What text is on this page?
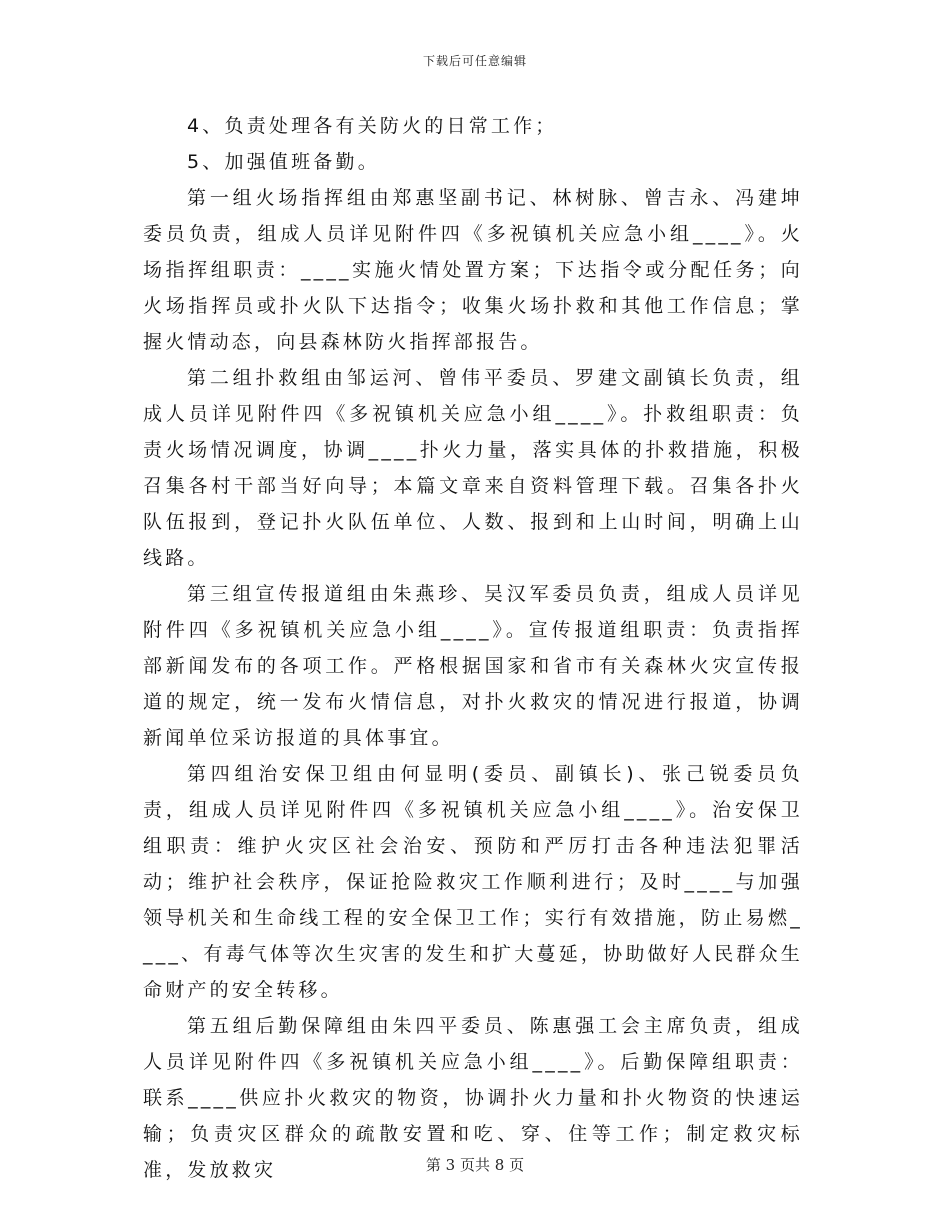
下载后可任意编辑

4、负责处理各有关防火的日常工作；

5、加强值班备勤。

第一组火场指挥组由郑惠坚副书记、林树脉、曾吉永、冯建坤委员负责，组成人员详见附件四《多祝镇机关应急小组____》。火场指挥组职责：____实施火情处置方案；下达指令或分配任务；向火场指挥员或扑火队下达指令；收集火场扑救和其他工作信息；掌握火情动态，向县森林防火指挥部报告。

第二组扑救组由邹运河、曾伟平委员、罗建文副镇长负责，组成人员详见附件四《多祝镇机关应急小组____》。扑救组职责：负责火场情况调度，协调____扑火力量，落实具体的扑救措施，积极召集各村干部当好向导；本篇文章来自资料管理下载。召集各扑火队伍报到，登记扑火队伍单位、人数、报到和上山时间，明确上山线路。

第三组宣传报道组由朱燕珍、吴汉军委员负责，组成人员详见附件四《多祝镇机关应急小组____》。宣传报道组职责：负责指挥部新闻发布的各项工作。严格根据国家和省市有关森林火灾宣传报道的规定，统一发布火情信息，对扑火救灾的情况进行报道，协调新闻单位采访报道的具体事宜。

第四组治安保卫组由何显明(委员、副镇长)、张己锐委员负责，组成人员详见附件四《多祝镇机关应急小组____》。治安保卫组职责：维护火灾区社会治安、预防和严厉打击各种违法犯罪活动；维护社会秩序，保证抢险救灾工作顺利进行；及时____与加强领导机关和生命线工程的安全保卫工作；实行有效措施，防止易燃____、有毒气体等次生灾害的发生和扩大蔓延，协助做好人民群众生命财产的安全转移。

第五组后勤保障组由朱四平委员、陈惠强工会主席负责，组成人员详见附件四《多祝镇机关应急小组____》。后勤保障组职责：联系____供应扑火救灾的物资，协调扑火力量和扑火物资的快速运输；负责灾区群众的疏散安置和吃、穿、住等工作；制定救灾标准，发放救灾	第 3 页共 8 页
